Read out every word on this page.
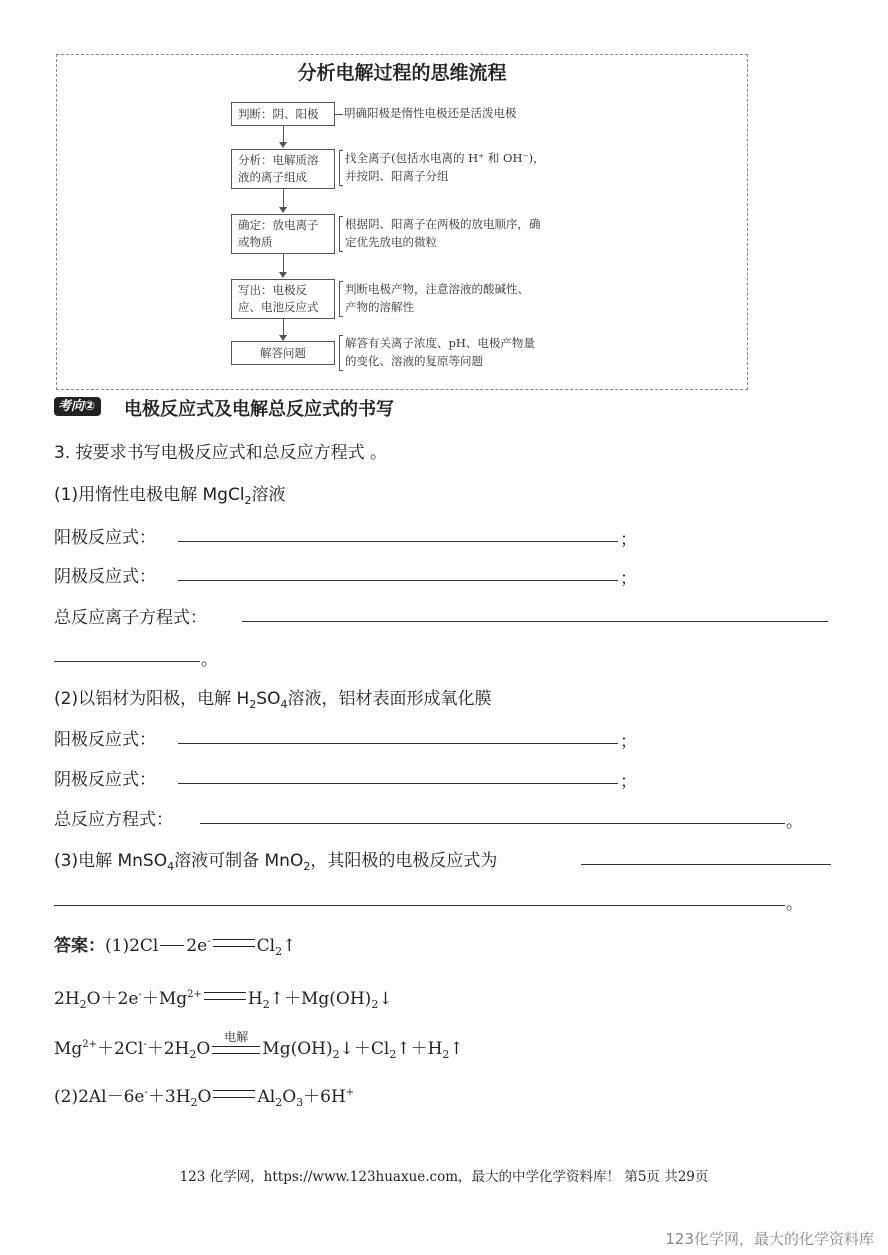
分析电解过程的思维流程
判断：阴、阳极	明确阳极是惰性电极还是活泼电极
分析：电解质溶液的离子组成
找全离子(包括水电离的 H⁺ 和 OH⁻)，
并按阴、阳离子分组
确定：放电离子或物质
根据阴、阳离子在两极的放电顺序，确
定优先放电的微粒
写出：电极反应、电池反应式
判断电极产物，注意溶液的酸碱性、
产物的溶解性
解答问题
解答有关离子浓度、pH、电极产物量
的变化、溶液的复原等问题
考向②	电极反应式及电解总反应式的书写
3. 按要求书写电极反应式和总反应方程式 。
(1)用惰性电极电解 MgCl$_2$溶液
阳极反应式：	；
阴极反应式：	；
总反应离子方程式：
。
(2)以铝材为阳极，电解 $H_2SO_4$溶液，铝材表面形成氧化膜
阳极反应式：	；
阴极反应式：	；
总反应方程式：	。
(3)电解 MnSO$_4$溶液可制备 MnO$_2$，其阳极的电极反应式为
。
答案：(1)2Cl 2e-	$Cl_2↑$
$2H_2O+2e^-+Mg^{2+}$	$H_2↑+Mg(OH)_2↓$
$Mg^{2+}+2Cl^-+2H_2O$
电解
$Mg(OH)_2↓+Cl_2↑+H_2↑$
$(2)2Al-6e^-+3H_2O$	$Al_2O_3+6H^+$
123 化学网，https://www.123huaxue.com，最大的中学化学资料库！ 第5页 共29页
123化学网，最大的化学资料库
